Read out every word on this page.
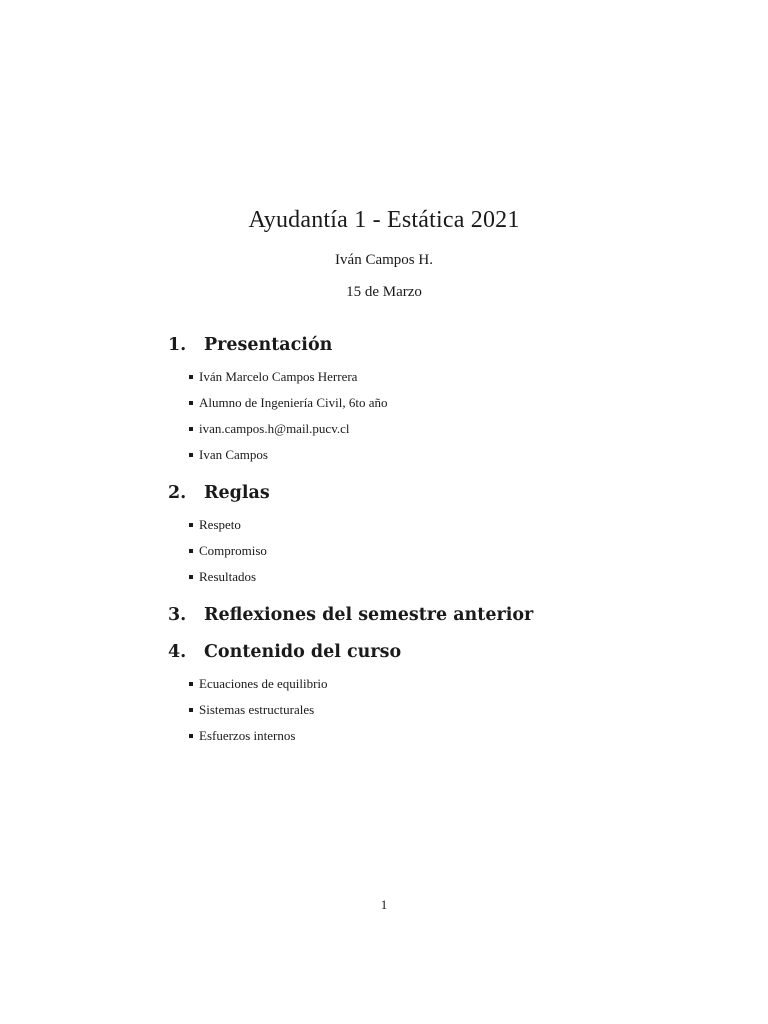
Ayudantía 1 - Estática 2021
Iván Campos H.
15 de Marzo
1.	Presentación
Iván Marcelo Campos Herrera
Alumno de Ingeniería Civil, 6to año
ivan.campos.h@mail.pucv.cl
Ivan Campos
2.	Reglas
Respeto
Compromiso
Resultados
3.	Reflexiones del semestre anterior
4.	Contenido del curso
Ecuaciones de equilibrio
Sistemas estructurales
Esfuerzos internos
1
